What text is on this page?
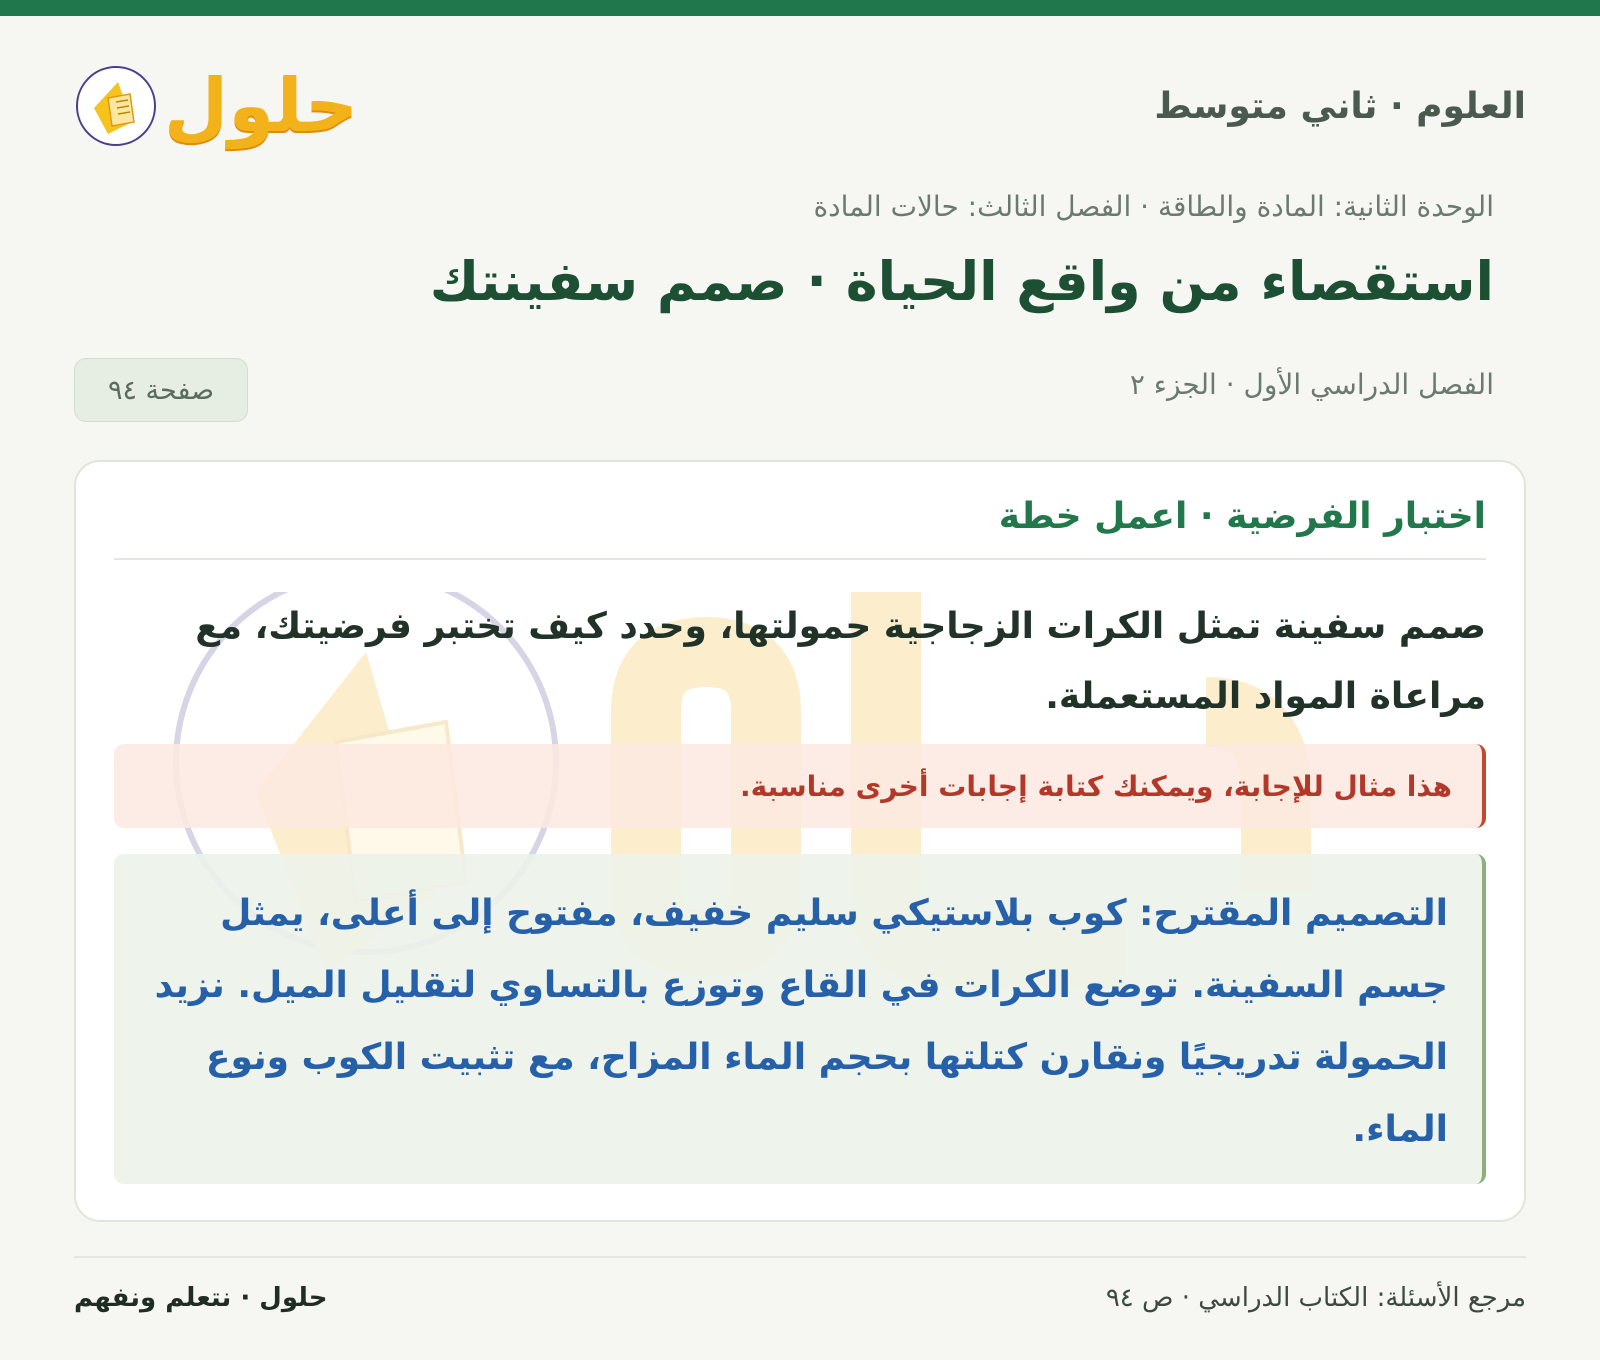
العلوم · ثاني متوسط
حلول
الوحدة الثانية: المادة والطاقة · الفصل الثالث: حالات المادة
استقصاء من واقع الحياة · صمم سفينتك
الفصل الدراسي الأول · الجزء ٢
صفحة ٩٤
اختبار الفرضية · اعمل خطة
صمم سفينة تمثل الكرات الزجاجية حمولتها، وحدد كيف تختبر فرضيتك، مع مراعاة المواد المستعملة.
هذا مثال للإجابة، ويمكنك كتابة إجابات أخرى مناسبة.
التصميم المقترح: كوب بلاستيكي سليم خفيف، مفتوح إلى أعلى، يمثل جسم السفينة. توضع الكرات في القاع وتوزع بالتساوي لتقليل الميل. نزيد الحمولة تدريجيًا ونقارن كتلتها بحجم الماء المزاح، مع تثبيت الكوب ونوع الماء.
مرجع الأسئلة: الكتاب الدراسي · ص ٩٤
حلول · نتعلم ونفهم
